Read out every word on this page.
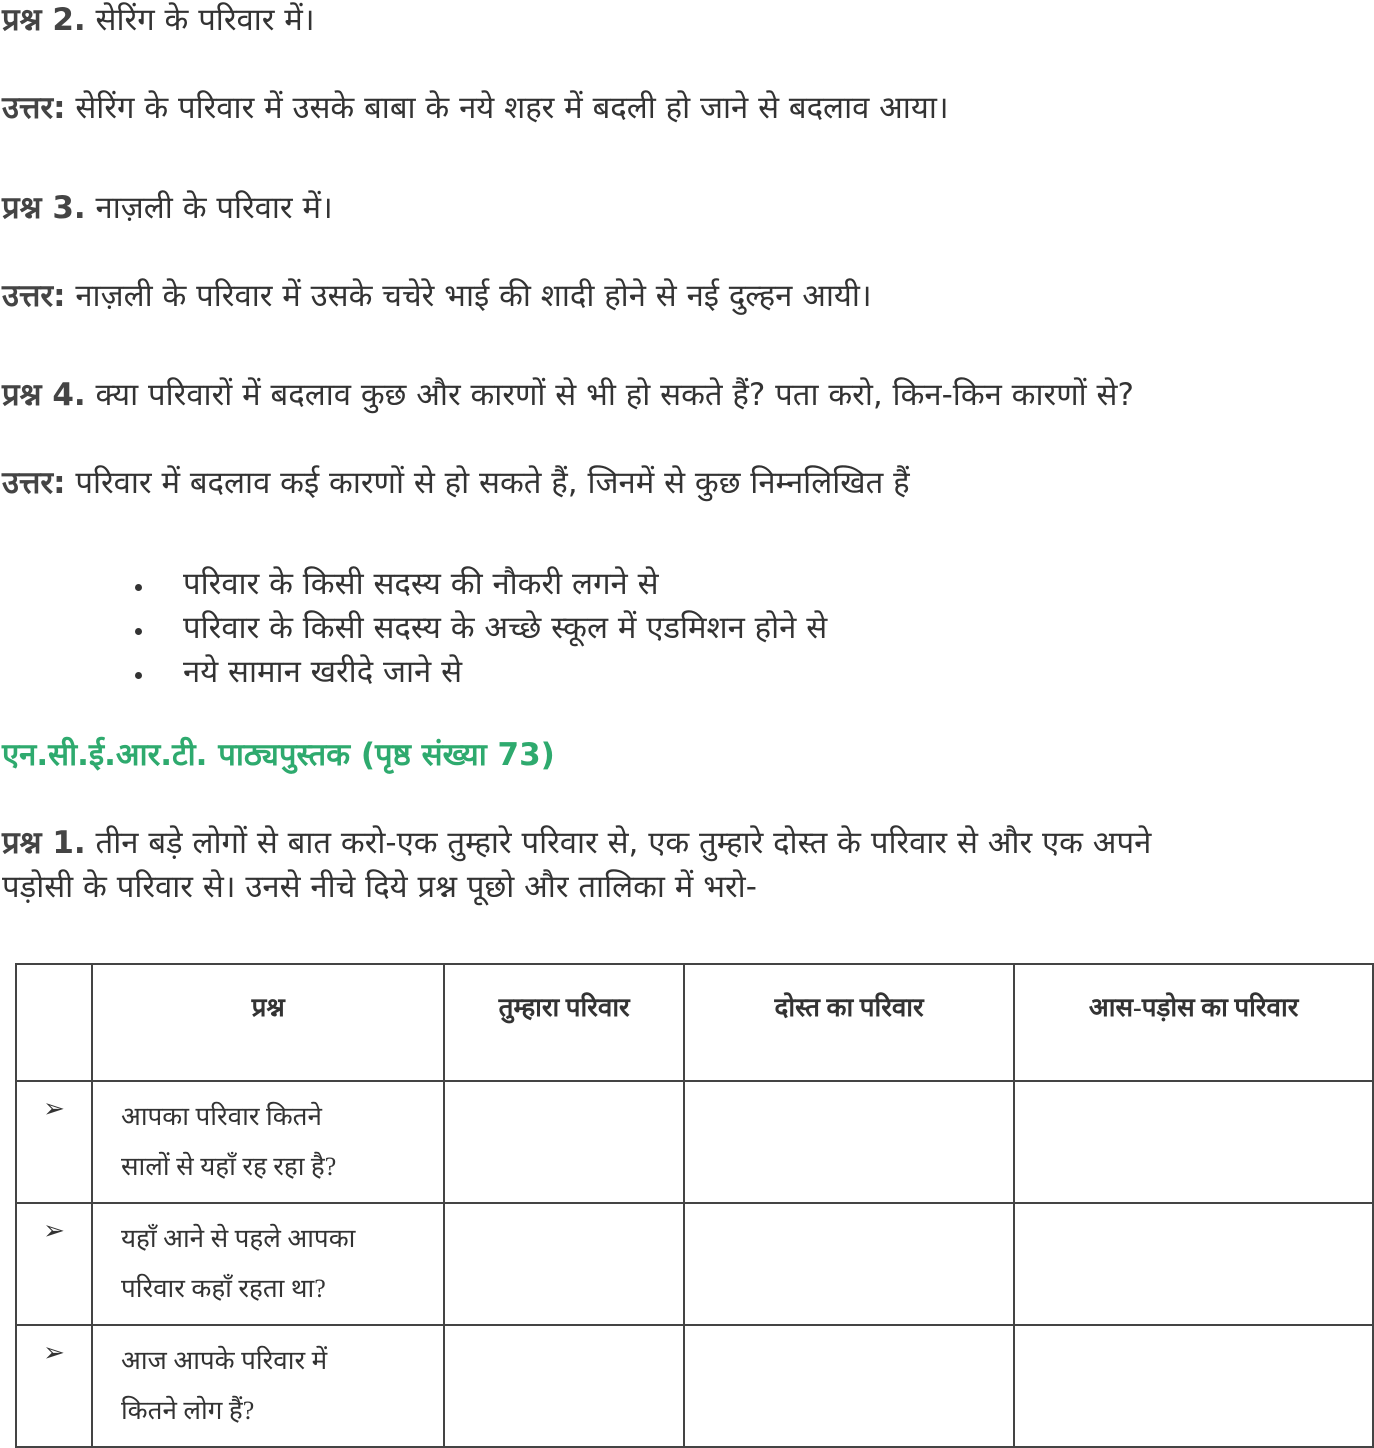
प्रश्न 2. सेरिंग के परिवार में।
उत्तर: सेरिंग के परिवार में उसके बाबा के नये शहर में बदली हो जाने से बदलाव आया।
प्रश्न 3. नाज़ली के परिवार में।
उत्तर: नाज़ली के परिवार में उसके चचेरे भाई की शादी होने से नई दुल्हन आयी।
प्रश्न 4. क्या परिवारों में बदलाव कुछ और कारणों से भी हो सकते हैं? पता करो, किन-किन कारणों से?
उत्तर: परिवार में बदलाव कई कारणों से हो सकते हैं, जिनमें से कुछ निम्नलिखित हैं
परिवार के किसी सदस्य की नौकरी लगने से
परिवार के किसी सदस्य के अच्छे स्कूल में एडमिशन होने से
नये सामान खरीदे जाने से
एन.सी.ई.आर.टी. पाठ्यपुस्तक (पृष्ठ संख्या 73)
प्रश्न 1. तीन बड़े लोगों से बात करो-एक तुम्हारे परिवार से, एक तुम्हारे दोस्त के परिवार से और एक अपने
पड़ोसी के परिवार से। उनसे नीचे दिये प्रश्न पूछो और तालिका में भरो-
	प्रश्न	तुम्हारा परिवार	दोस्त का परिवार	आस-पड़ोस का परिवार
➢	आपका परिवार कितने
सालों से यहाँ रह रहा है?			

➢	यहाँ आने से पहले आपका
परिवार कहाँ रहता था?			

➢	आज आपके परिवार में
कितने लोग हैं?			
